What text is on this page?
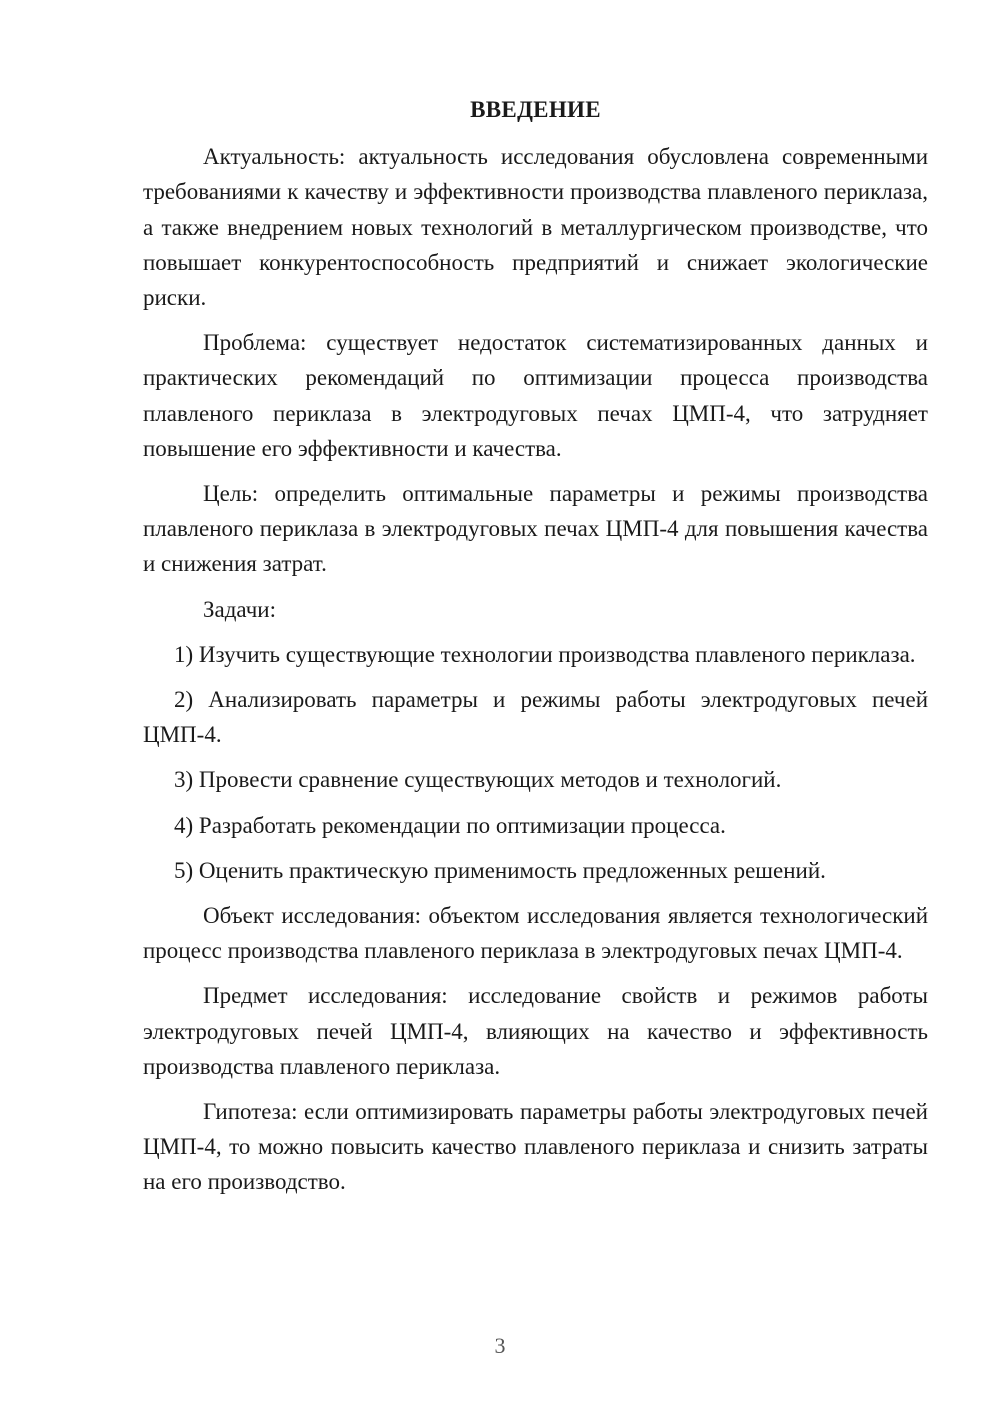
ВВЕДЕНИЕ

Актуальность: актуальность исследования обусловлена современными требованиями к качеству и эффективности производства плавленого периклаза, а также внедрением новых технологий в металлургическом производстве, что повышает конкурентоспособность предприятий и снижает экологические риски.

Проблема: существует недостаток систематизированных данных и практических рекомендаций по оптимизации процесса производства плавленого периклаза в электродуговых печах ЦМП-4, что затрудняет повышение его эффективности и качества.

Цель: определить оптимальные параметры и режимы производства плавленого периклаза в электродуговых печах ЦМП-4 для повышения качества и снижения затрат.

Задачи:

1) Изучить существующие технологии производства плавленого периклаза.

2) Анализировать параметры и режимы работы электродуговых печей ЦМП-4.

3) Провести сравнение существующих методов и технологий.

4) Разработать рекомендации по оптимизации процесса.

5) Оценить практическую применимость предложенных решений.

Объект исследования: объектом исследования является технологический процесс производства плавленого периклаза в электродуговых печах ЦМП-4.

Предмет исследования: исследование свойств и режимов работы электродуговых печей ЦМП-4, влияющих на качество и эффективность производства плавленого периклаза.

Гипотеза: если оптимизировать параметры работы электродуговых печей ЦМП-4, то можно повысить качество плавленого периклаза и снизить затраты на его производство.

3
